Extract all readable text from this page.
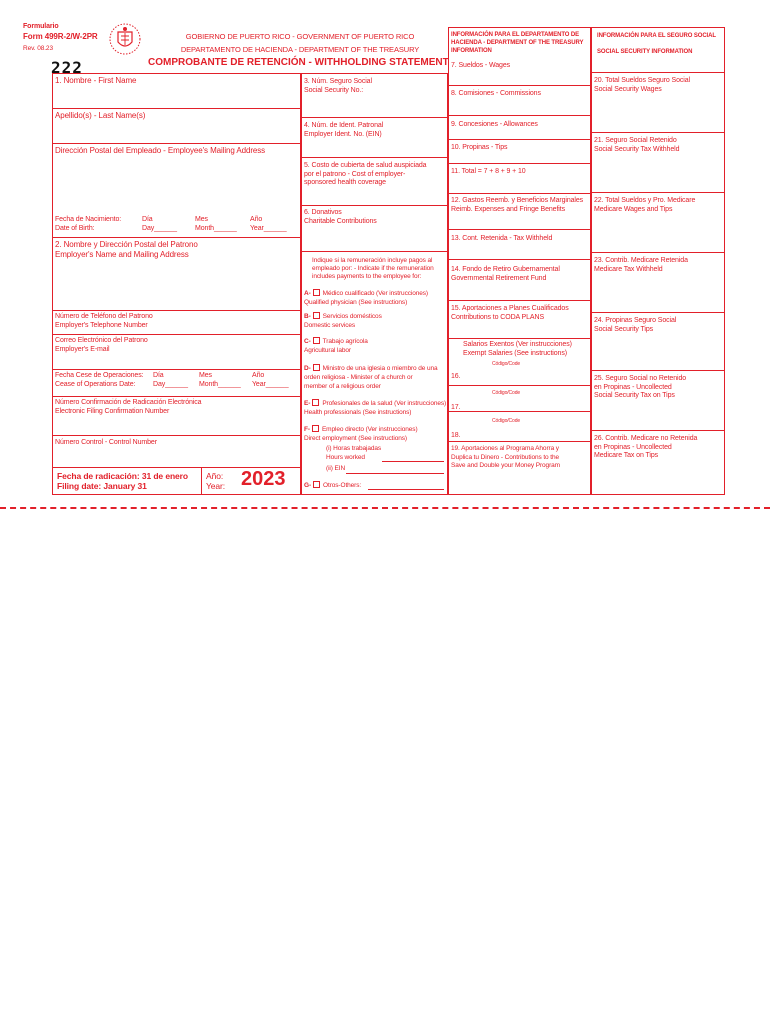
Formulario
Form 499R-2/W-2PR
Rev. 08.23
222
GOBIERNO DE PUERTO RICO - GOVERNMENT OF PUERTO RICO
DEPARTAMENTO DE HACIENDA - DEPARTMENT OF THE TREASURY
COMPROBANTE DE RETENCIÓN - WITHHOLDING STATEMENT
1. Nombre - First Name
Apellido(s) - Last Name(s)
Dirección Postal del Empleado - Employee's Mailing Address
Fecha de Nacimiento:
Date of Birth:
Día
Day______
Mes
Month______
Año
Year______
2. Nombre y Dirección Postal del Patrono
Employer's Name and Mailing Address
Número de Teléfono del Patrono
Employer's Telephone Number
Correo Electrónico del Patrono
Employer's E-mail
Fecha Cese de Operaciones:
Cease of Operations Date:
Día
Day______
Mes
Month______
Año
Year______
Número Confirmación de Radicación Electrónica
Electronic Filing Confirmation Number
Número Control - Control Number
Fecha de radicación: 31 de enero
Filing date: January 31
Año:
Year: 2023
3. Núm. Seguro Social
Social Security No.:
4. Núm. de Ident. Patronal
Employer Ident. No. (EIN)
5. Costo de cubierta de salud auspiciada
por el patrono - Cost of employer-
sponsored health coverage
6. Donativos
Charitable Contributions
Indique si la remuneración incluye pagos al
empleado por: - Indicate if the remuneration
includes payments to the employee for:
A- Médico cualificado (Ver instrucciones)
Qualified physician (See instructions)
B- Servicios domésticos
Domestic services
C- Trabajo agrícola
Agricultural labor
D- Ministro de una iglesia o miembro de una
orden religiosa - Minister of a church or
member of a religious order
E- Profesionales de la salud (Ver instrucciones)
Health professionals (See instructions)
F- Empleo directo (Ver instrucciones)
Direct employment (See instructions)
(i) Horas trabajadas
Hours worked
(ii) EIN
G- Otros-Others:
INFORMACIÓN PARA EL DEPARTAMENTO DE
HACIENDA - DEPARTMENT OF THE TREASURY
INFORMATION
7. Sueldos - Wages
8. Comisiones - Commissions
9. Concesiones - Allowances
10. Propinas - Tips
11. Total = 7 + 8 + 9 + 10
12. Gastos Reemb. y Beneficios Marginales
Reimb. Expenses and Fringe Benefits
13. Cont. Retenida - Tax Withheld
14. Fondo de Retiro Gubernamental
Governmental Retirement Fund
15. Aportaciones a Planes Cualificados
Contributions to CODA PLANS
Salarios Exentos (Ver instrucciones)
Exempt Salaries (See instructions)
Código/Code
16.
Código/Code
17.
Código/Code
18.
19. Aportaciones al Programa Ahorra y
Duplica tu Dinero - Contributions to the
Save and Double your Money Program
INFORMACIÓN PARA EL SEGURO SOCIAL
SOCIAL SECURITY INFORMATION
20. Total Sueldos Seguro Social
Social Security Wages
21. Seguro Social Retenido
Social Security Tax Withheld
22. Total Sueldos y Pro. Medicare
Medicare Wages and Tips
23. Contrib. Medicare Retenida
Medicare Tax Withheld
24. Propinas Seguro Social
Social Security Tips
25. Seguro Social no Retenido
en Propinas - Uncollected
Social Security Tax on Tips
26. Contrib. Medicare no Retenida
en Propinas - Uncollected
Medicare Tax on Tips
